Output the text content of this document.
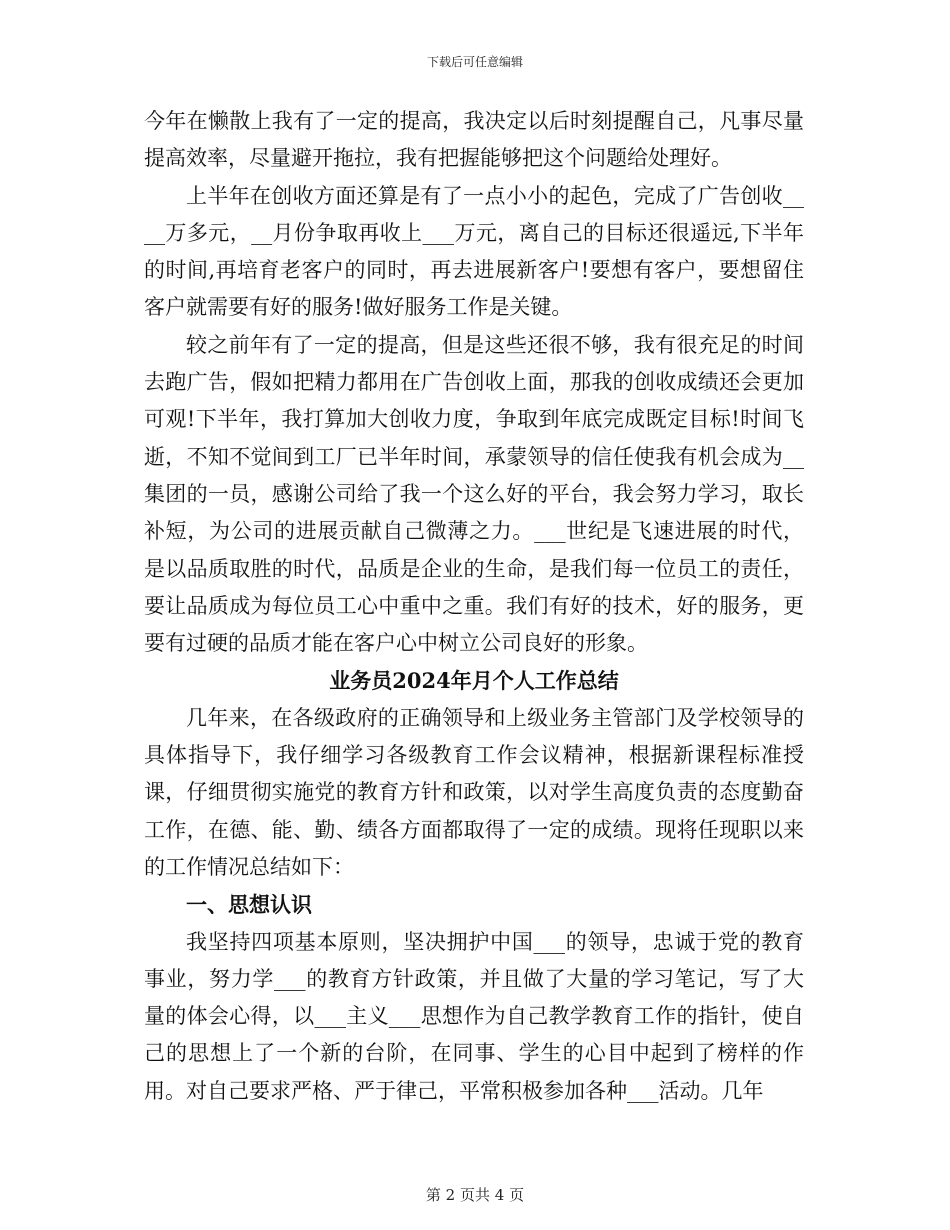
下载后可任意编辑

今年在懒散上我有了一定的提高，我决定以后时刻提醒自己，凡事尽量提高效率，尽量避开拖拉，我有把握能够把这个问题给处理好。

上半年在创收方面还算是有了一点小小的起色，完成了广告创收____万多元，__月份争取再收上___万元，离自己的目标还很遥远,下半年的时间,再培育老客户的同时，再去进展新客户!要想有客户，要想留住客户就需要有好的服务!做好服务工作是关键。

较之前年有了一定的提高，但是这些还很不够，我有很充足的时间去跑广告，假如把精力都用在广告创收上面，那我的创收成绩还会更加可观!下半年，我打算加大创收力度，争取到年底完成既定目标!时间飞逝，不知不觉间到工厂已半年时间，承蒙领导的信任使我有机会成为__集团的一员，感谢公司给了我一个这么好的平台，我会努力学习，取长补短，为公司的进展贡献自己微薄之力。___世纪是飞速进展的时代，是以品质取胜的时代，品质是企业的生命，是我们每一位员工的责任，要让品质成为每位员工心中重中之重。我们有好的技术，好的服务，更要有过硬的品质才能在客户心中树立公司良好的形象。

业务员2024年月个人工作总结

几年来，在各级政府的正确领导和上级业务主管部门及学校领导的具体指导下，我仔细学习各级教育工作会议精神，根据新课程标准授课，仔细贯彻实施党的教育方针和政策，以对学生高度负责的态度勤奋工作，在德、能、勤、绩各方面都取得了一定的成绩。现将任现职以来的工作情况总结如下：

一、思想认识

我坚持四项基本原则，坚决拥护中国___的领导，忠诚于党的教育事业，努力学___的教育方针政策，并且做了大量的学习笔记，写了大量的体会心得，以___主义___思想作为自己教学教育工作的指针，使自己的思想上了一个新的台阶，在同事、学生的心目中起到了榜样的作用。对自己要求严格、严于律己，平常积极参加各种___活动。几年

第 2 页共 4 页
